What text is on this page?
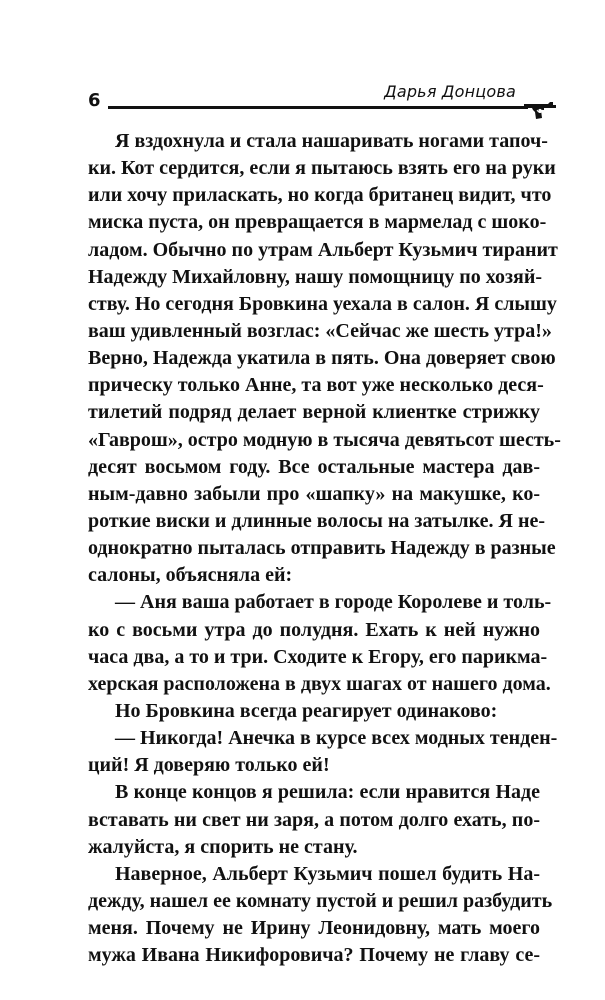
6	Дарья Донцова
Я вздохнула и стала нашаривать ногами тапоч-
ки. Кот сердится, если я пытаюсь взять его на руки
или хочу приласкать, но когда британец видит, что
миска пуста, он превращается в мармелад с шоко-
ладом. Обычно по утрам Альберт Кузьмич тиранит
Надежду Михайловну, нашу помощницу по хозяй-
ству. Но сегодня Бровкина уехала в салон. Я слышу
ваш удивленный возглас: «Сейчас же шесть утра!»
Верно, Надежда укатила в пять. Она доверяет свою
прическу только Анне, та вот уже несколько деся-
тилетий подряд делает верной клиентке стрижку
«Гаврош», остро модную в тысяча девятьсот шесть-
десят восьмом году. Все остальные мастера дав-
ным-давно забыли про «шапку» на макушке, ко-
роткие виски и длинные волосы на затылке. Я не-
однократно пыталась отправить Надежду в разные
салоны, объясняла ей:
— Аня ваша работает в городе Королеве и толь-
ко с восьми утра до полудня. Ехать к ней нужно
часа два, а то и три. Сходите к Егору, его парикма-
херская расположена в двух шагах от нашего дома.
Но Бровкина всегда реагирует одинаково:
— Никогда! Анечка в курсе всех модных тенден-
ций! Я доверяю только ей!
В конце концов я решила: если нравится Наде
вставать ни свет ни заря, а потом долго ехать, по-
жалуйста, я спорить не стану.
Наверное, Альберт Кузьмич пошел будить На-
дежду, нашел ее комнату пустой и решил разбудить
меня. Почему не Ирину Леонидовну, мать моего
мужа Ивана Никифоровича? Почему не главу се-
